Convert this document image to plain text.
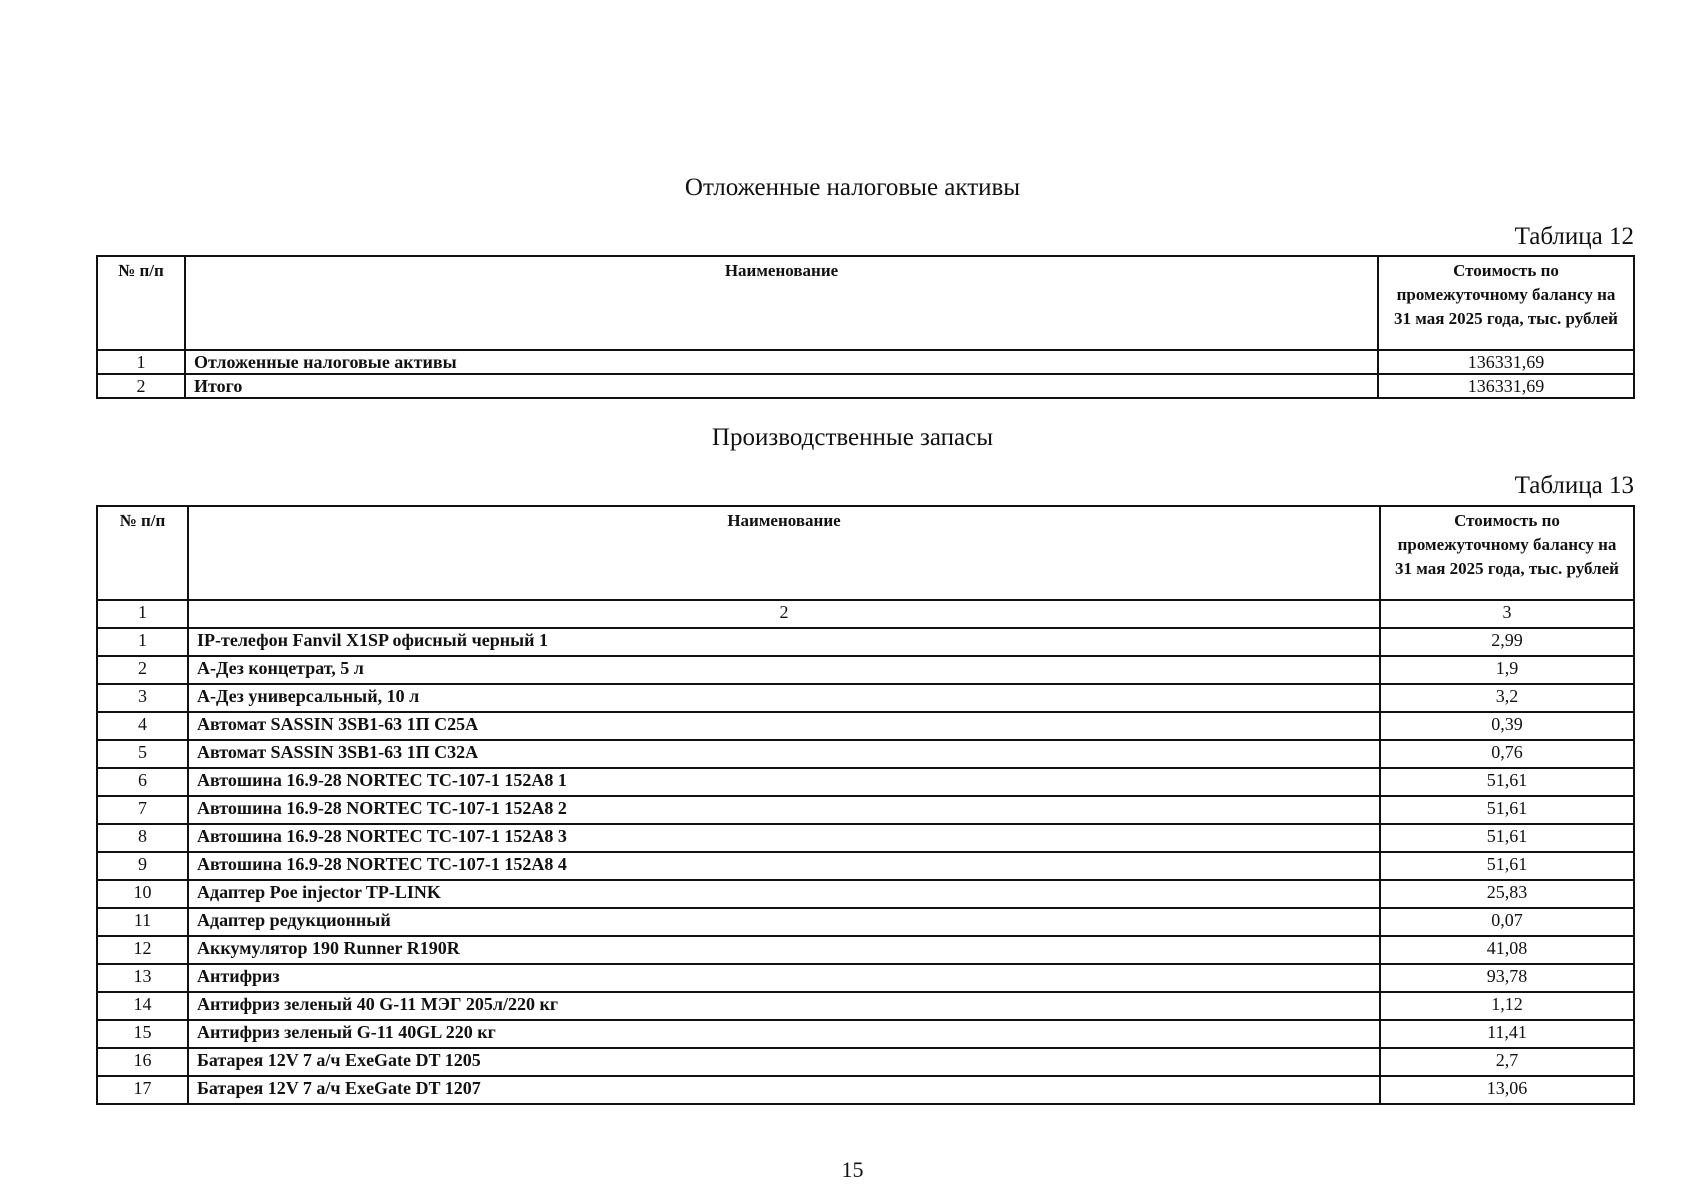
Отложенные налоговые активы
Таблица 12
№ п/п	Наименование	Стоимость по промежуточному балансу на 31 мая 2025 года, тыс. рублей
1	Отложенные налоговые активы	136331,69
2	Итого	136331,69
Производственные запасы
Таблица 13
№ п/п	Наименование	Стоимость по промежуточному балансу на 31 мая 2025 года, тыс. рублей
1	2	3
1	IP-телефон Fanvil X1SP офисный черный 1	2,99
2	А-Дез концетрат, 5 л	1,9
3	А-Дез универсальный, 10 л	3,2
4	Автомат SASSIN 3SB1-63 1П C25A	0,39
5	Автомат SASSIN 3SB1-63 1П C32A	0,76
6	Автошина 16.9-28 NORTEC TC-107-1 152A8 1	51,61
7	Автошина 16.9-28 NORTEC TC-107-1 152A8 2	51,61
8	Автошина 16.9-28 NORTEC TC-107-1 152A8 3	51,61
9	Автошина 16.9-28 NORTEC TC-107-1 152A8 4	51,61
10	Адаптер Poe injector TP-LINK	25,83
11	Адаптер редукционный	0,07
12	Аккумулятор 190 Runner R190R	41,08
13	Антифриз	93,78
14	Антифриз зеленый 40 G-11 МЭГ 205л/220 кг	1,12
15	Антифриз зеленый G-11 40GL 220 кг	11,41
16	Батарея 12V 7 а/ч ExeGate DT 1205	2,7
17	Батарея 12V 7 а/ч ExeGate DT 1207	13,06
15
